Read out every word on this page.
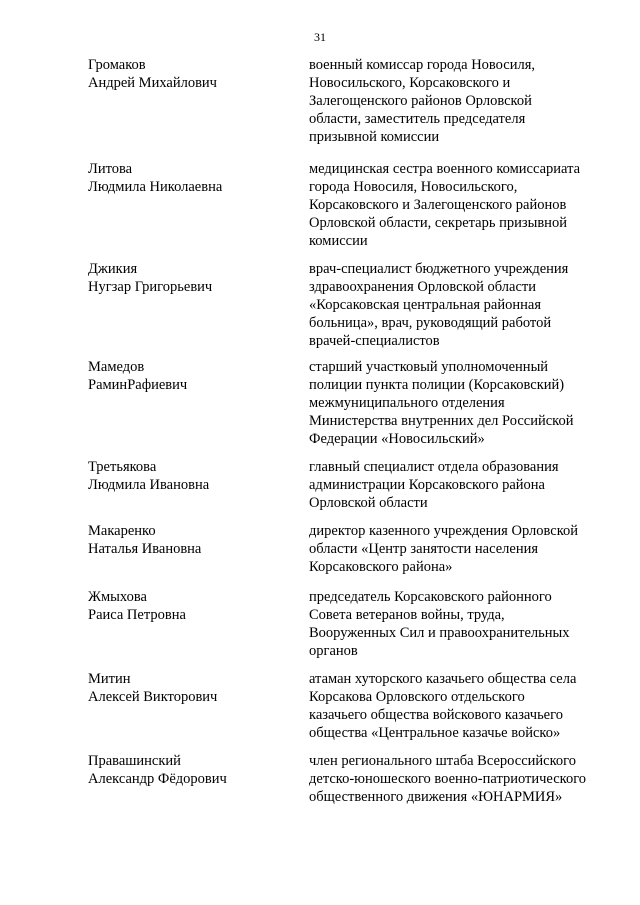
31
Громаков
Андрей Михайлович
военный комиссар города Новосиля,
Новосильского, Корсаковского и
Залегощенского районов Орловской
области, заместитель председателя
призывной комиссии
Литова
Людмила Николаевна
медицинская сестра военного комиссариата
города Новосиля, Новосильского,
Корсаковского и Залегощенского районов
Орловской области, секретарь призывной
комиссии
Джикия
Нугзар Григорьевич
врач-специалист бюджетного учреждения
здравоохранения Орловской области
«Корсаковская центральная районная
больница», врач, руководящий работой
врачей-специалистов
Мамедов
РаминРафиевич
старший участковый уполномоченный
полиции пункта полиции (Корсаковский)
межмуниципального отделения
Министерства внутренних дел Российской
Федерации «Новосильский»
Третьякова
Людмила Ивановна
главный специалист отдела образования
администрации Корсаковского района
Орловской области
Макаренко
Наталья Ивановна
директор казенного учреждения Орловской
области «Центр занятости населения
Корсаковского района»
Жмыхова
Раиса Петровна
председатель Корсаковского районного
Совета ветеранов войны, труда,
Вооруженных Сил и правоохранительных
органов
Митин
Алексей Викторович
атаман хуторского казачьего общества села
Корсакова Орловского отдельского
казачьего общества войскового казачьего
общества «Центральное казачье войско»
Правашинский
Александр Фёдорович
член регионального штаба Всероссийского
детско-юношеского военно-патриотического
общественного движения «ЮНАРМИЯ»
